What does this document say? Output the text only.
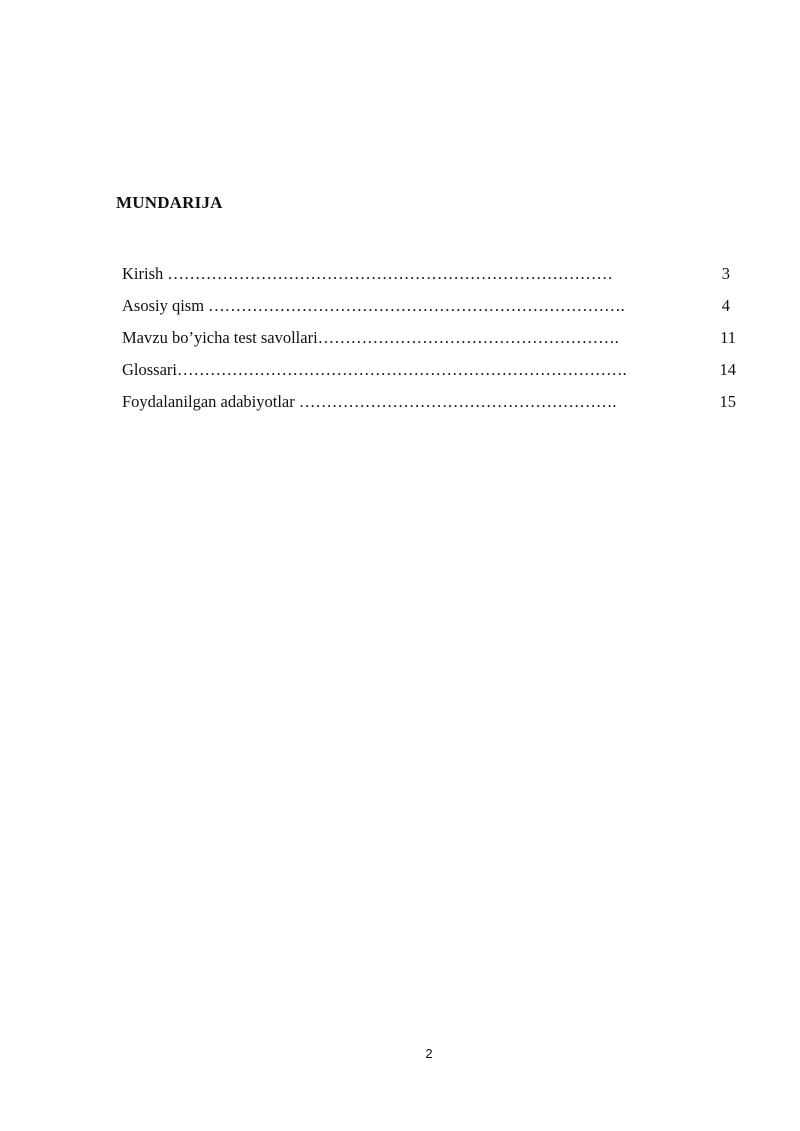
MUNDARIJA
Kirish ………………………………………………………………………	3
Asosiy qism ………………………………………………………………….	4
Mavzu bo’yicha test savollari……………………………………………….	11
Glossari……………………………………………………………………….	14
Foydalanilgan adabiyotlar ………………………………………………….	15
2
